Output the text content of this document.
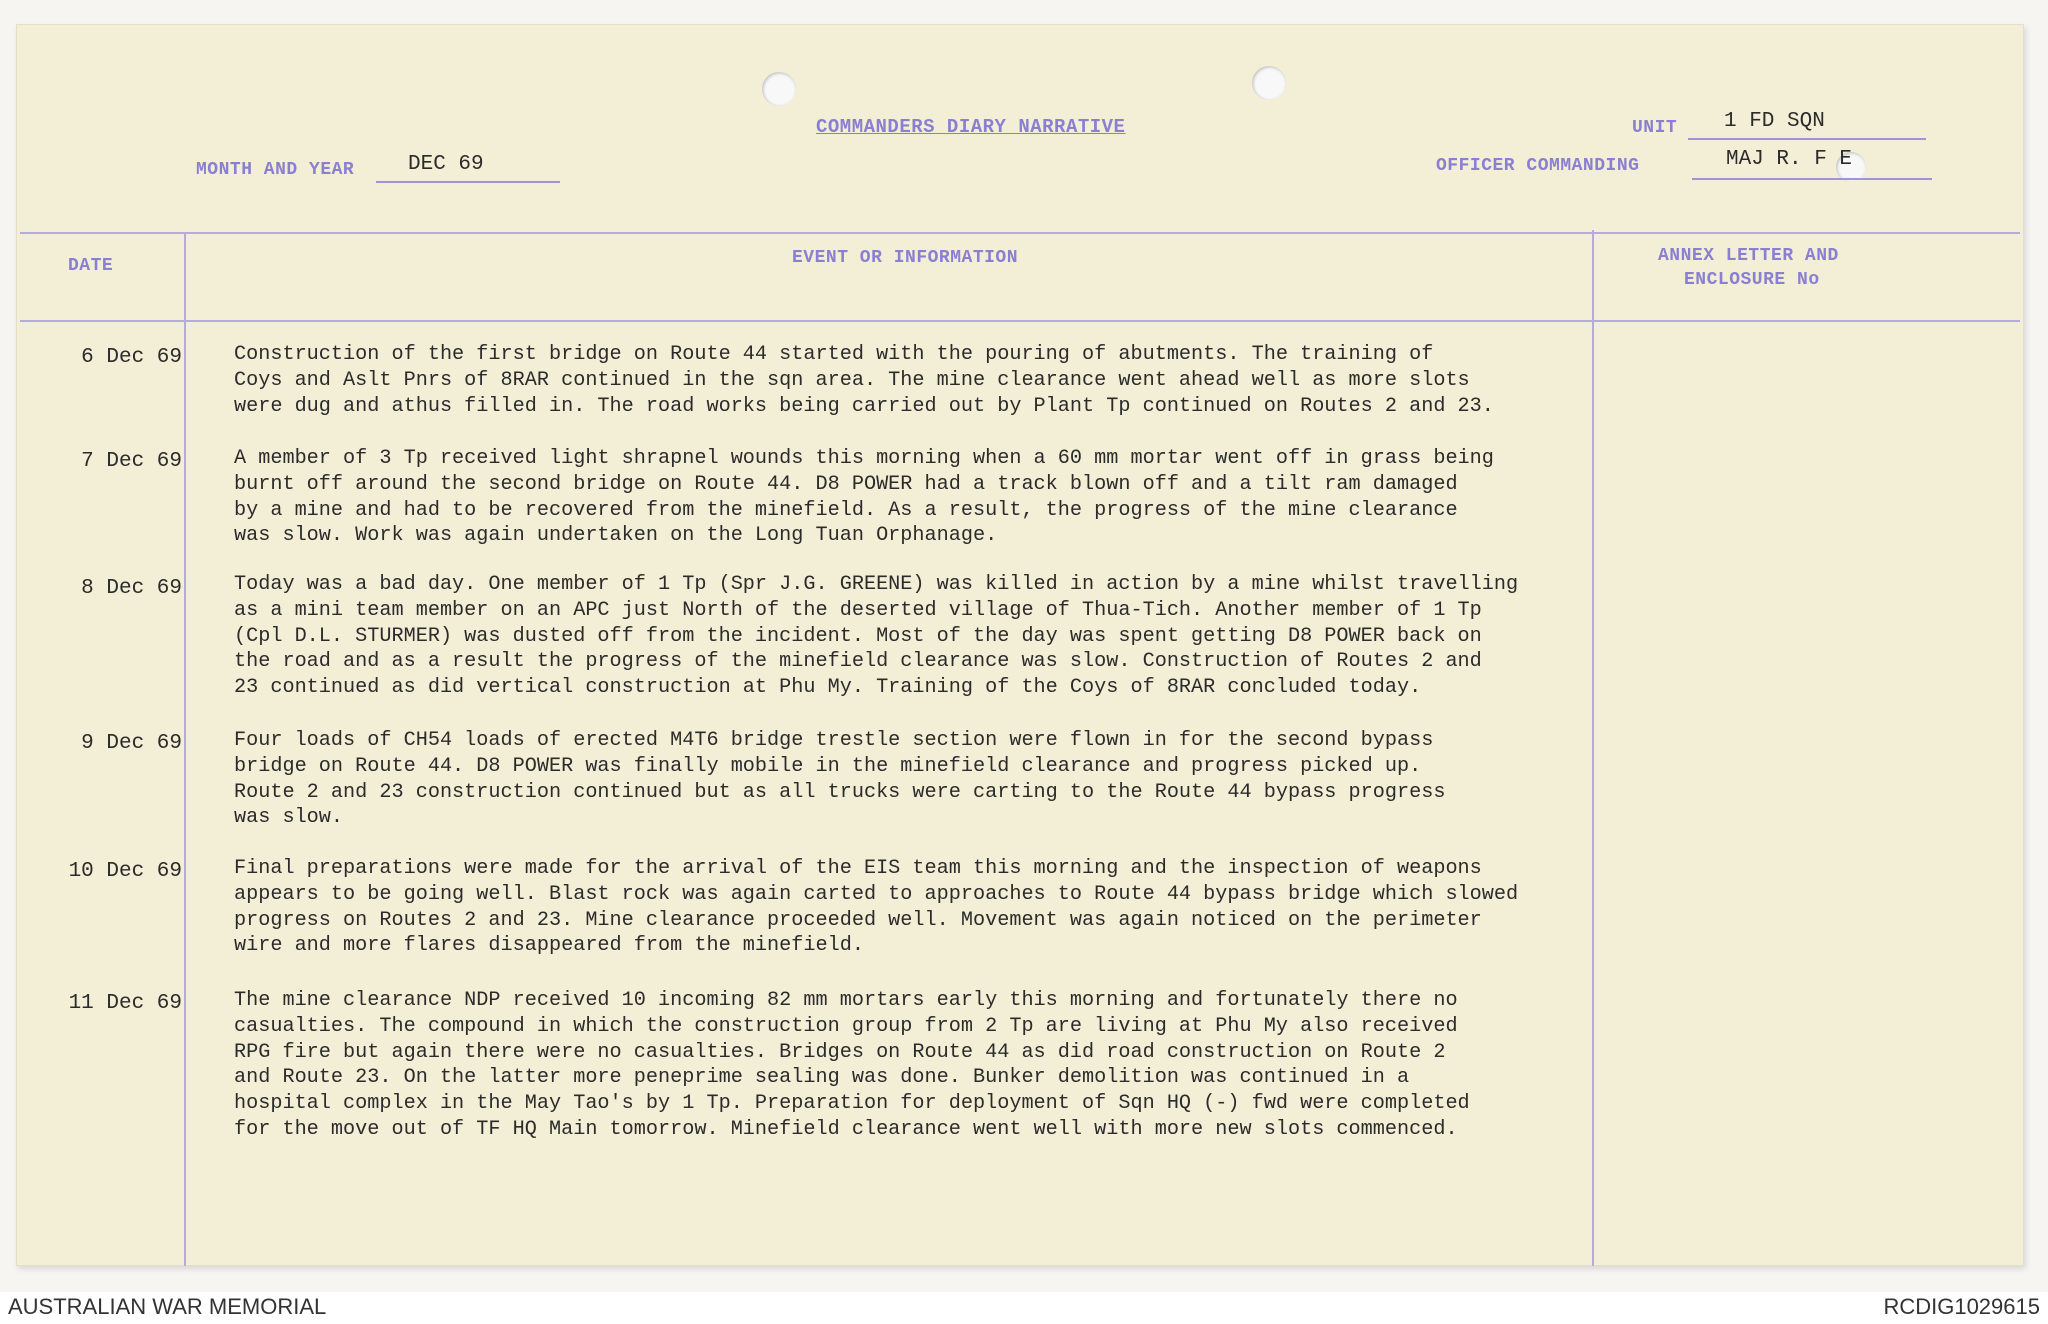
COMMANDERS DIARY NARRATIVE
MONTH AND YEAR	DEC 69
UNIT 1 FD SQN
OFFICER COMMANDING	MAJ R. F E
DATE	EVENT OR INFORMATION	ANNEX LETTER AND
ENCLOSURE No
6 Dec 69	Construction of the first bridge on Route 44 started with the pouring of abutments. The training of
Coys and Aslt Pnrs of 8RAR continued in the sqn area. The mine clearance went ahead well as more slots
were dug and athus filled in. The road works being carried out by Plant Tp continued on Routes 2 and 23.
7 Dec 69	A member of 3 Tp received light shrapnel wounds this morning when a 60 mm mortar went off in grass being
burnt off around the second bridge on Route 44. D8 POWER had a track blown off and a tilt ram damaged
by a mine and had to be recovered from the minefield. As a result, the progress of the mine clearance
was slow. Work was again undertaken on the Long Tuan Orphanage.
8 Dec 69	Today was a bad day. One member of 1 Tp (Spr J.G. GREENE) was killed in action by a mine whilst travelling
as a mini team member on an APC just North of the deserted village of Thua-Tich. Another member of 1 Tp
(Cpl D.L. STURMER) was dusted off from the incident. Most of the day was spent getting D8 POWER back on
the road and as a result the progress of the minefield clearance was slow. Construction of Routes 2 and
23 continued as did vertical construction at Phu My. Training of the Coys of 8RAR concluded today.
9 Dec 69	Four loads of CH54 loads of erected M4T6 bridge trestle section were flown in for the second bypass
bridge on Route 44. D8 POWER was finally mobile in the minefield clearance and progress picked up.
Route 2 and 23 construction continued but as all trucks were carting to the Route 44 bypass progress
was slow.
10 Dec 69	Final preparations were made for the arrival of the EIS team this morning and the inspection of weapons
appears to be going well. Blast rock was again carted to approaches to Route 44 bypass bridge which slowed
progress on Routes 2 and 23. Mine clearance proceeded well. Movement was again noticed on the perimeter
wire and more flares disappeared from the minefield.
11 Dec 69	The mine clearance NDP received 10 incoming 82 mm mortars early this morning and fortunately there no
casualties. The compound in which the construction group from 2 Tp are living at Phu My also received
RPG fire but again there were no casualties. Bridges on Route 44 as did road construction on Route 2
and Route 23. On the latter more peneprime sealing was done. Bunker demolition was continued in a
hospital complex in the May Tao's by 1 Tp. Preparation for deployment of Sqn HQ (-) fwd were completed
for the move out of TF HQ Main tomorrow. Minefield clearance went well with more new slots commenced.
AUSTRALIAN WAR MEMORIAL	RCDIG1029615
